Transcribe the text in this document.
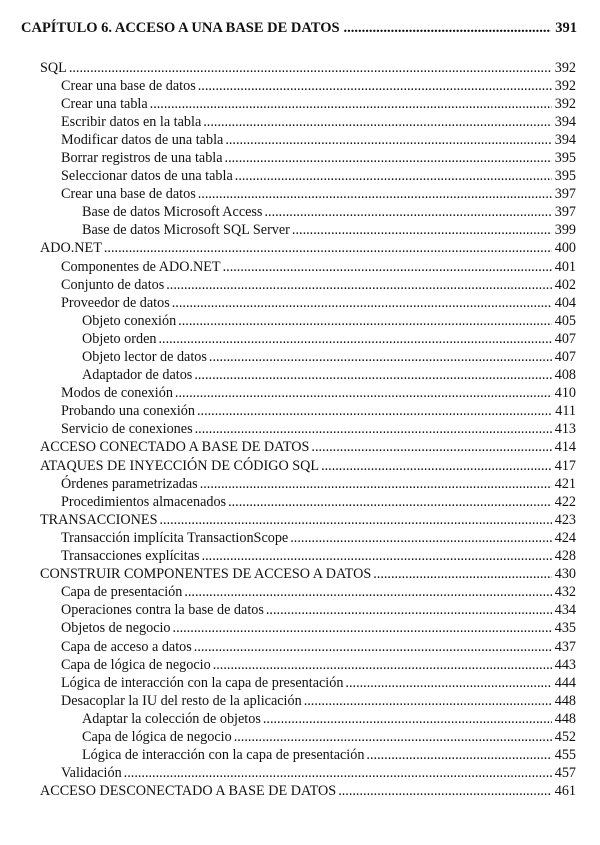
CAPÍTULO 6. ACCESO A UNA BASE DE DATOS .....	391
SQL .....	392
Crear una base de datos .....	392
Crear una tabla .....	392
Escribir datos en la tabla .....	394
Modificar datos de una tabla .....	394
Borrar registros de una tabla .....	395
Seleccionar datos de una tabla .....	395
Crear una base de datos .....	397
Base de datos Microsoft Access .....	397
Base de datos Microsoft SQL Server .....	399
ADO.NET .....	400
Componentes de ADO.NET .....	401
Conjunto de datos .....	402
Proveedor de datos .....	404
Objeto conexión .....	405
Objeto orden .....	407
Objeto lector de datos .....	407
Adaptador de datos .....	408
Modos de conexión .....	410
Probando una conexión .....	411
Servicio de conexiones .....	413
ACCESO CONECTADO A BASE DE DATOS .....	414
ATAQUES DE INYECCIÓN DE CÓDIGO SQL .....	417
Órdenes parametrizadas .....	421
Procedimientos almacenados .....	422
TRANSACCIONES .....	423
Transacción implícita TransactionScope .....	424
Transacciones explícitas .....	428
CONSTRUIR COMPONENTES DE ACCESO A DATOS .....	430
Capa de presentación .....	432
Operaciones contra la base de datos .....	434
Objetos de negocio .....	435
Capa de acceso a datos .....	437
Capa de lógica de negocio .....	443
Lógica de interacción con la capa de presentación .....	444
Desacoplar la IU del resto de la aplicación .....	448
Adaptar la colección de objetos .....	448
Capa de lógica de negocio .....	452
Lógica de interacción con la capa de presentación .....	455
Validación .....	457
ACCESO DESCONECTADO A BASE DE DATOS .....	461
